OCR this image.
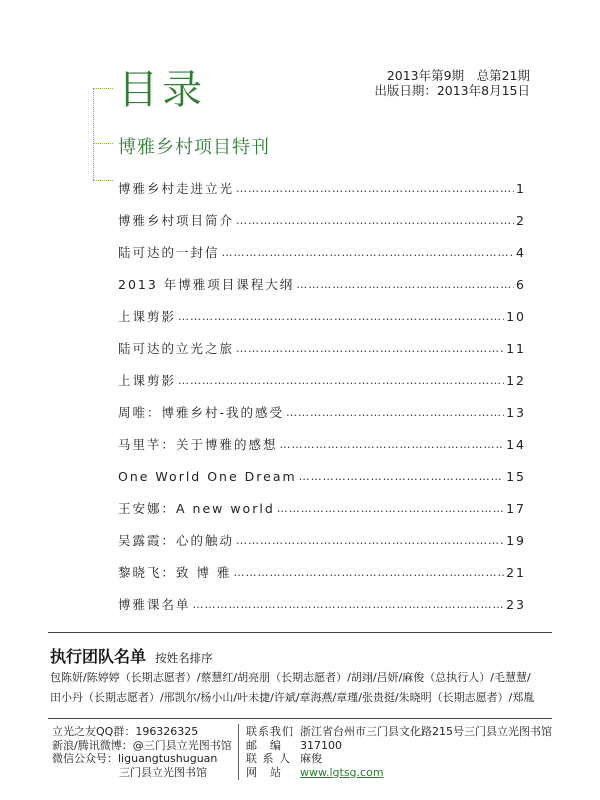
目录	2013年第9期　总第21期
出版日期：2013年8月15日
博雅乡村项目特刊
博雅乡村走进立光 ……………………………………………………………………………………………………………………………………………………	1
博雅乡村项目简介 ……………………………………………………………………………………………………………………………………………………	2
陆可达的一封信 ……………………………………………………………………………………………………………………………………………………	4
2013 年博雅项目课程大纲 ……………………………………………………………………………………………………………………………………………………	6
上课剪影 ……………………………………………………………………………………………………………………………………………………	10
陆可达的立光之旅 ……………………………………………………………………………………………………………………………………………………	11
上课剪影 ……………………………………………………………………………………………………………………………………………………	12
周唯：博雅乡村-我的感受 ……………………………………………………………………………………………………………………………………………………	13
马里芊：关于博雅的感想 ……………………………………………………………………………………………………………………………………………………	14
One World One Dream ……………………………………………………………………………………………………………………………………………………	15
王安娜：A new world ……………………………………………………………………………………………………………………………………………………	17
吴露霞：心的触动 ……………………………………………………………………………………………………………………………………………………	19
黎晓飞：致 博 雅 ……………………………………………………………………………………………………………………………………………………	21
博雅课名单 ……………………………………………………………………………………………………………………………………………………	23
执行团队名单 按姓名排序
包陈妍/陈婷婷（长期志愿者）/蔡慧红/胡亮朋（长期志愿者）/胡翊/吕妍/麻俊（总执行人）/毛慧慧/
田小丹（长期志愿者）/邢凯尔/杨小山/叶未捷/许斌/章海燕/章瑾/张贵挺/朱晓明（长期志愿者）/郑胤
立光之友QQ群：196326325
新浪/腾讯微博：@三门县立光图书馆
微信公众号：liguangtushuguan
三门县立光图书馆
联系我们 浙江省台州市三门县文化路215号三门县立光图书馆
邮　编	317100
联 系 人 麻俊
网　站	www.lgtsg.com
